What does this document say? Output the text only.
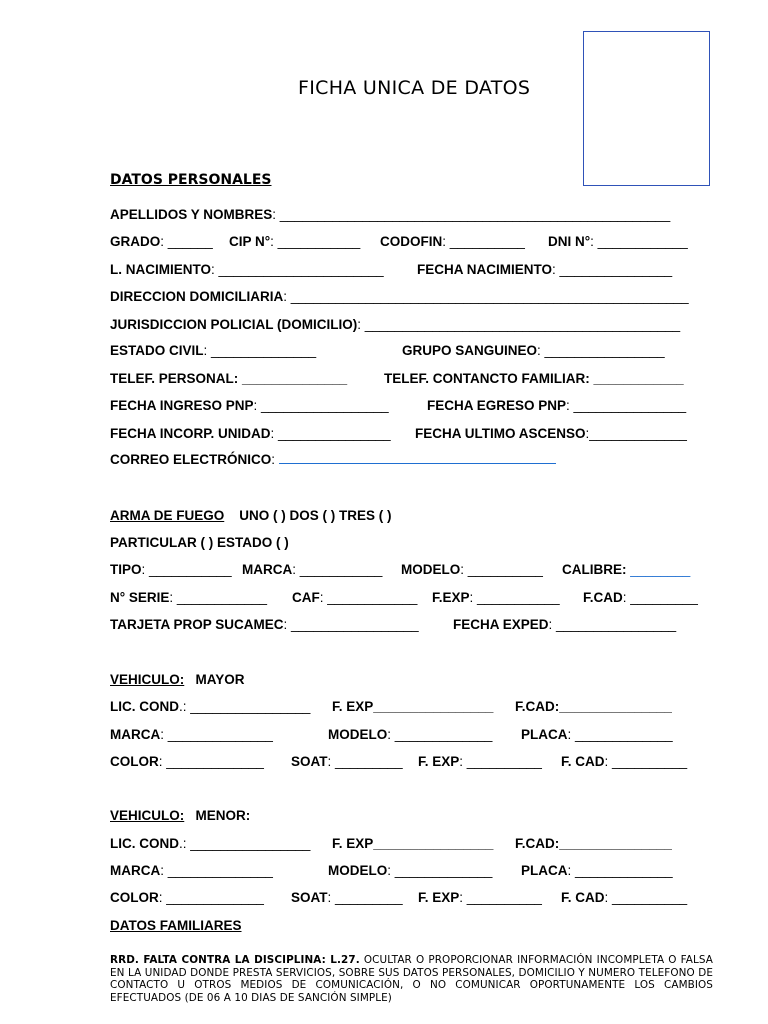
FICHA UNICA DE DATOS
DATOS PERSONALES
APELLIDOS Y NOMBRES: ____________________________________________________
GRADO: ______ CIP N°: ___________ CODOFIN: __________ DNI N°: ____________
L. NACIMIENTO: ______________________ FECHA NACIMIENTO: _______________
DIRECCION DOMICILIARIA: _____________________________________________________
JURISDICCION POLICIAL (DOMICILIO): __________________________________________
ESTADO CIVIL: ______________	GRUPO SANGUINEO: ________________
TELEF. PERSONAL: ______________	TELEF. CONTANCTO FAMILIAR: ____________
FECHA INGRESO PNP: _________________	FECHA EGRESO PNP: _______________
FECHA INCORP. UNIDAD: _______________ FECHA ULTIMO ASCENSO:_____________
CORREO ELECTRÓNICO:
ARMA DE FUEGO UNO ( ) DOS ( ) TRES ( )
PARTICULAR ( ) ESTADO ( )
TIPO: ___________ MARCA: ___________ MODELO: __________ CALIBRE: ________
N° SERIE: ____________ CAF: ____________ F.EXP: ___________ F.CAD: _________
TARJETA PROP SUCAMEC: _________________	FECHA EXPED: ________________
VEHICULO: MAYOR
LIC. COND.: ________________ F. EXP________________ F.CAD:_______________
MARCA: ______________	MODELO: _____________ PLACA: _____________
COLOR: _____________ SOAT: _________ F. EXP: __________ F. CAD: __________
VEHICULO: MENOR:
LIC. COND.: ________________ F. EXP________________ F.CAD:_______________
MARCA: ______________	MODELO: _____________ PLACA: _____________
COLOR: _____________ SOAT: _________ F. EXP: __________ F. CAD: __________
DATOS FAMILIARES
RRD. FALTA CONTRA LA DISCIPLINA: L.27. OCULTAR O PROPORCIONAR INFORMACIÓN INCOMPLETA O FALSA EN LA UNIDAD DONDE PRESTA SERVICIOS, SOBRE SUS DATOS PERSONALES, DOMICILIO Y NUMERO TELEFONO DE CONTACTO U OTROS MEDIOS DE COMUNICACIÓN, O NO COMUNICAR OPORTUNAMENTE LOS CAMBIOS EFECTUADOS (DE 06 A 10 DIAS DE SANCIÓN SIMPLE)
